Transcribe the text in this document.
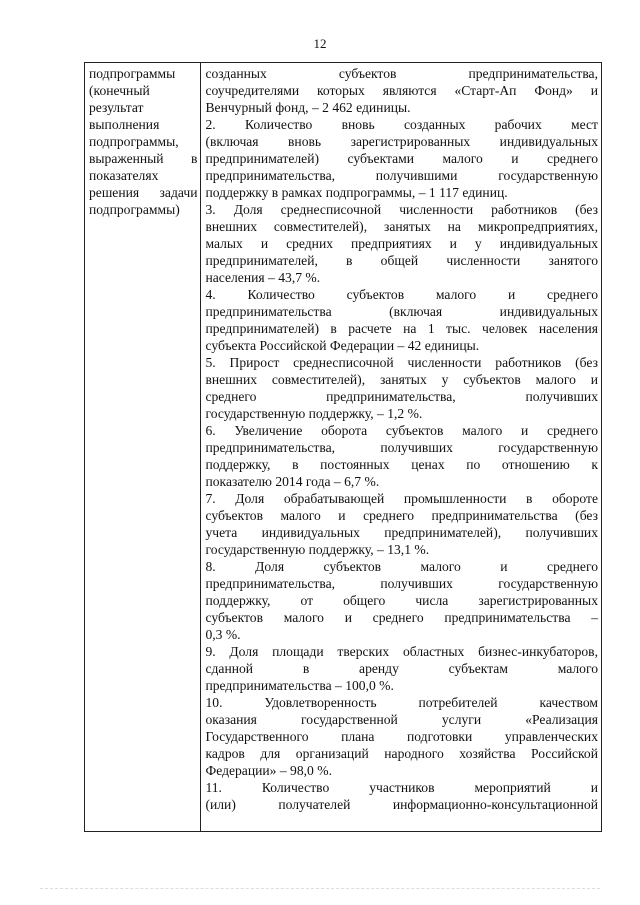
12
подпрограммы
(конечный
результат
выполнения
подпрограммы,
выраженный в
показателях
решения задачи
подпрограммы)

созданных субъектов предпринимательства,
соучредителями которых являются «Старт-Ап Фонд» и
Венчурный фонд, – 2 462 единицы.
2. Количество вновь созданных рабочих мест
(включая вновь зарегистрированных индивидуальных
предпринимателей) субъектами малого и среднего
предпринимательства, получившими государственную
поддержку в рамках подпрограммы, – 1 117 единиц.
3. Доля среднесписочной численности работников (без
внешних совместителей), занятых на микропредприятиях,
малых и средних предприятиях и у индивидуальных
предпринимателей, в общей численности занятого
населения – 43,7 %.
4. Количество субъектов малого и среднего
предпринимательства (включая индивидуальных
предпринимателей) в расчете на 1 тыс. человек населения
субъекта Российской Федерации – 42 единицы.
5. Прирост среднесписочной численности работников (без
внешних совместителей), занятых у субъектов малого и
среднего предпринимательства, получивших
государственную поддержку, – 1,2 %.
6. Увеличение оборота субъектов малого и среднего
предпринимательства, получивших государственную
поддержку, в постоянных ценах по отношению к
показателю 2014 года – 6,7 %.
7. Доля обрабатывающей промышленности в обороте
субъектов малого и среднего предпринимательства (без
учета индивидуальных предпринимателей), получивших
государственную поддержку, – 13,1 %.
8. Доля субъектов малого и среднего
предпринимательства, получивших государственную
поддержку, от общего числа зарегистрированных
субъектов малого и среднего предпринимательства –
0,3 %.
9. Доля площади тверских областных бизнес-инкубаторов,
сданной в аренду субъектам малого
предпринимательства – 100,0 %.
10. Удовлетворенность потребителей качеством
оказания государственной услуги «Реализация
Государственного плана подготовки управленческих
кадров для организаций народного хозяйства Российской
Федерации» – 98,0 %.
11. Количество участников мероприятий и
(или) получателей информационно-консультационной
